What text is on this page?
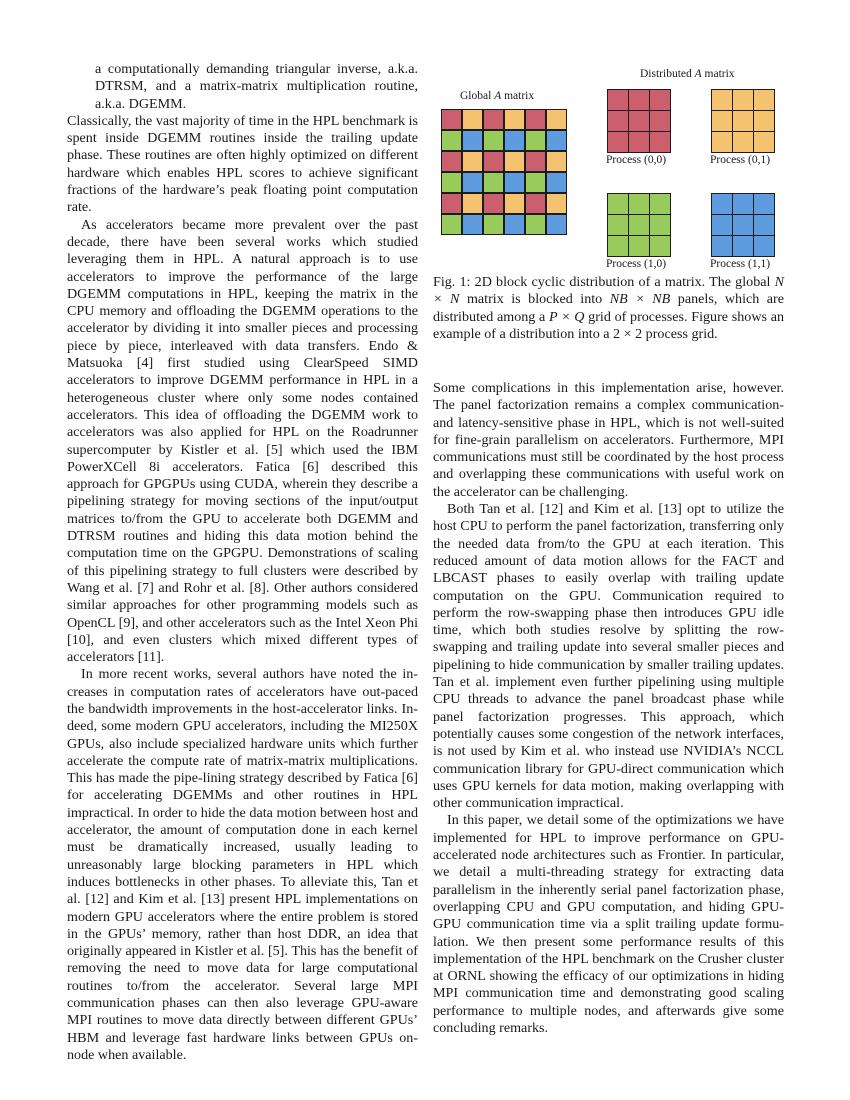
a computationally demanding triangular inverse, a.k.a. DTRSM, and a matrix-matrix multiplication routine, a.k.a. DGEMM.

Classically, the vast majority of time in the HPL benchmark is spent inside DGEMM routines inside the trailing update phase. These routines are often highly optimized on different hardware which enables HPL scores to achieve significant fractions of the hardware’s peak floating point computation rate.

As accelerators became more prevalent over the past decade, there have been several works which studied leveraging them in HPL. A natural approach is to use accelerators to improve the performance of the large DGEMM computations in HPL, keeping the matrix in the CPU memory and offloading the DGEMM operations to the accelerator by dividing it into smaller pieces and processing piece by piece, interleaved with data transfers. Endo & Matsuoka [4] first studied using ClearSpeed SIMD accelerators to improve DGEMM performance in HPL in a heterogeneous cluster where only some nodes contained accelerators. This idea of offloading the DGEMM work to accelerators was also applied for HPL on the Roadrunner supercomputer by Kistler et al. [5] which used the IBM PowerXCell 8i accelerators. Fatica [6] described this approach for GPGPUs using CUDA, wherein they describe a pipelining strategy for moving sections of the input/output matrices to/from the GPU to accelerate both DGEMM and DTRSM routines and hiding this data motion behind the computation time on the GPGPU. Demonstrations of scaling of this pipelining strategy to full clusters were described by Wang et al. [7] and Rohr et al. [8]. Other authors considered similar approaches for other programming models such as OpenCL [9], and other accelerators such as the Intel Xeon Phi [10], and even clusters which mixed different types of accelerators [11].

In more recent works, several authors have noted the increases in computation rates of accelerators have out-paced the bandwidth improvements in the host-accelerator links. Indeed, some modern GPU accelerators, including the MI250X GPUs, also include specialized hardware units which further accelerate the compute rate of matrix-matrix multiplications. This has made the pipe-lining strategy described by Fatica [6] for accelerating DGEMMs and other routines in HPL impractical. In order to hide the data motion between host and accelerator, the amount of computation done in each kernel must be dramatically increased, usually leading to unreasonably large blocking parameters in HPL which induces bottlenecks in other phases. To alleviate this, Tan et al. [12] and Kim et al. [13] present HPL implementations on modern GPU accelerators where the entire problem is stored in the GPUs’ memory, rather than host DDR, an idea that originally appeared in Kistler et al. [5]. This has the benefit of removing the need to move data for large computational routines to/from the accelerator. Several large MPI communication phases can then also leverage GPU-aware MPI routines to move data directly between different GPUs’ HBM and leverage fast hardware links between GPUs on-node when available.

Distributed A matrix
Global A matrix
Process (0,0)	Process (0,1)
Process (1,0)	Process (1,1)
Fig. 1: 2D block cyclic distribution of a matrix. The global N × N matrix is blocked into NB × NB panels, which are distributed among a P × Q grid of processes. Figure shows an example of a distribution into a 2 × 2 process grid.

Some complications in this implementation arise, however. The panel factorization remains a complex communication- and latency-sensitive phase in HPL, which is not well-suited for fine-grain parallelism on accelerators. Furthermore, MPI communications must still be coordinated by the host process and overlapping these communications with useful work on the accelerator can be challenging.

Both Tan et al. [12] and Kim et al. [13] opt to utilize the host CPU to perform the panel factorization, transferring only the needed data from/to the GPU at each iteration. This reduced amount of data motion allows for the FACT and LBCAST phases to easily overlap with trailing update computation on the GPU. Communication required to perform the row-swapping phase then introduces GPU idle time, which both studies resolve by splitting the row-swapping and trailing update into several smaller pieces and pipelining to hide communication by smaller trailing updates. Tan et al. implement even further pipelining using multiple CPU threads to advance the panel broadcast phase while panel factorization progresses. This approach, which potentially causes some congestion of the network interfaces, is not used by Kim et al. who instead use NVIDIA’s NCCL communication library for GPU-direct communication which uses GPU kernels for data motion, making overlapping with other communication impractical.

In this paper, we detail some of the optimizations we have implemented for HPL to improve performance on GPU-accelerated node architectures such as Frontier. In particular, we detail a multi-threading strategy for extracting data parallelism in the inherently serial panel factorization phase, overlapping CPU and GPU computation, and hiding GPU-GPU communication time via a split trailing update formulation. We then present some performance results of this implementation of the HPL benchmark on the Crusher cluster at ORNL showing the efficacy of our optimizations in hiding MPI communication time and demonstrating good scaling performance to multiple nodes, and afterwards give some concluding remarks.
